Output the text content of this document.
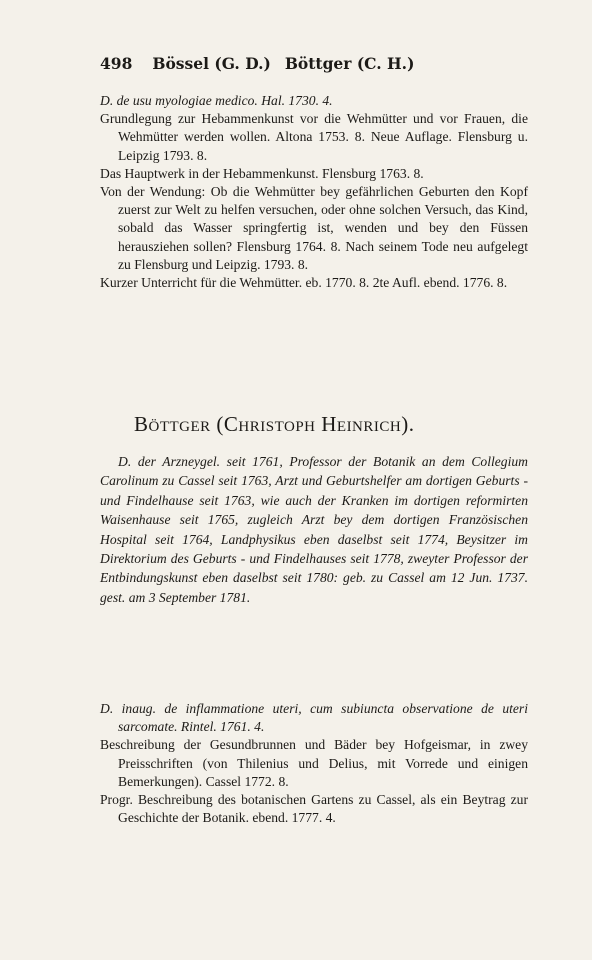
498 Bössel (G. D.) Böttger (C. H.)

D. de usu myologiae medico. Hal. 1730. 4.

Grundlegung zur Hebammenkunst vor die Wehmütter und vor Frauen, die Wehmütter werden wollen. Altona 1753. 8. Neue Auflage. Flensburg u. Leipzig 1793. 8.

Das Hauptwerk in der Hebammenkunst. Flensburg 1763. 8.

Von der Wendung: Ob die Wehmütter bey gefährlichen Geburten den Kopf zuerst zur Welt zu helfen versuchen, oder ohne solchen Versuch, das Kind, sobald das Wasser springfertig ist, wenden und bey den Füssen herausziehen sollen? Flensburg 1764. 8. Nach seinem Tode neu aufgelegt zu Flensburg und Leipzig. 1793. 8.

Kurzer Unterricht für die Wehmütter. eb. 1770. 8. 2te Aufl. ebend. 1776. 8.

Böttger (Christoph Heinrich).

D. der Arzneygel. seit 1761, Professor der Botanik an dem Collegium Carolinum zu Cassel seit 1763, Arzt und Geburtshelfer am dortigen Geburts - und Findelhause seit 1763, wie auch der Kranken im dortigen reformirten Waisenhause seit 1765, zugleich Arzt bey dem dortigen Französischen Hospital seit 1764, Landphysikus eben daselbst seit 1774, Beysitzer im Direktorium des Geburts - und Findelhauses seit 1778, zweyter Professor der Entbindungskunst eben daselbst seit 1780: geb. zu Cassel am 12 Jun. 1737. gest. am 3 September 1781.

D. inaug. de inflammatione uteri, cum subiuncta observatione de uteri sarcomate. Rintel. 1761. 4.

Beschreibung der Gesundbrunnen und Bäder bey Hofgeismar, in zwey Preisschriften (von Thilenius und Delius, mit Vorrede und einigen Bemerkungen). Cassel 1772. 8.

Progr. Beschreibung des botanischen Gartens zu Cassel, als ein Beytrag zur Geschichte der Botanik. ebend. 1777. 4.
